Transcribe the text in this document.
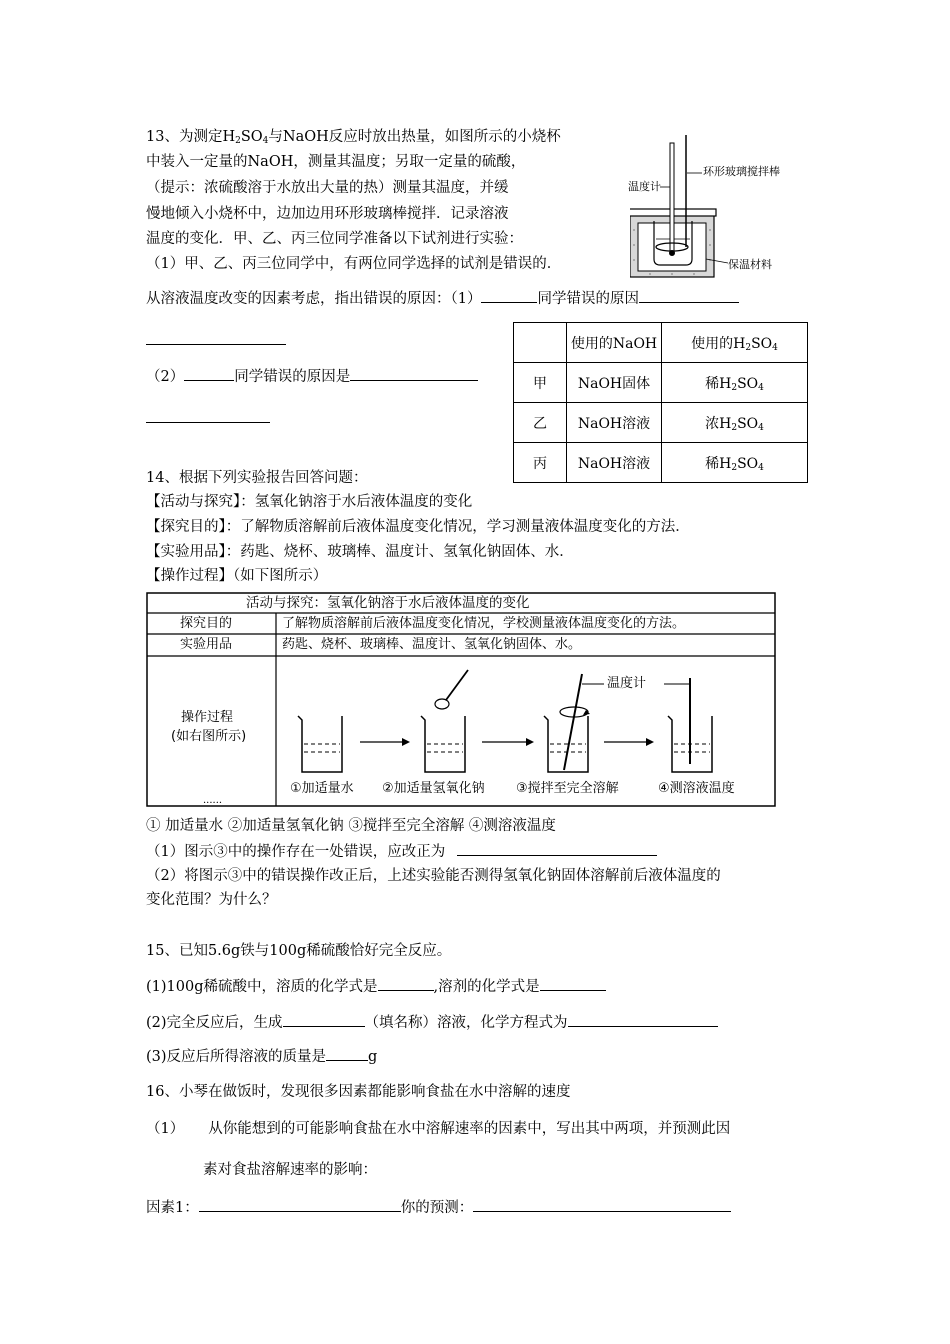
13、为测定$H_2SO_4$与NaOH反应时放出热量，如图所示的小烧杯
中装入一定量的NaOH，测量其温度；另取一定量的硫酸，
（提示：浓硫酸溶于水放出大量的热）测量其温度，并缓
慢地倾入小烧杯中，边加边用环形玻璃棒搅拌．记录溶液
温度的变化．甲、乙、丙三位同学准备以下试剂进行实验：
（1）甲、乙、丙三位同学中，有两位同学选择的试剂是错误的．
环形玻璃搅拌棒
温度计
保温材料
从溶液温度改变的因素考虑，指出错误的原因：（1）	同学错误的原因
（2）	同学错误的原因是
	使用的NaOH	使用的$H_2SO_4$
甲	NaOH固体	稀$H_2SO_4$
乙	NaOH溶液	浓$H_2SO_4$
丙	NaOH溶液	稀$H_2SO_4$
14、根据下列实验报告回答问题：
【活动与探究】：氢氧化钠溶于水后液体温度的变化
【探究目的】：了解物质溶解前后液体温度变化情况，学习测量液体温度变化的方法．
【实验用品】：药匙、烧杯、玻璃棒、温度计、氢氧化钠固体、水．
【操作过程】（如下图所示）
活动与探究：氢氧化钠溶于水后液体温度的变化
探究目的	了解物质溶解前后液体温度变化情况，学校测量液体温度变化的方法。
实验用品	药匙、烧杯、玻璃棒、温度计、氢氧化钠固体、水。
操作过程
(如右图所示)
温度计
①加适量水 ②加适量氢氧化钠 ③搅拌至完全溶解	④测溶液温度
······
① 加适量水 ②加适量氢氧化钠 ③搅拌至完全溶解 ④测溶液温度
（1）图示③中的操作存在一处错误，应改正为
（2）将图示③中的错误操作改正后，上述实验能否测得氢氧化钠固体溶解前后液体温度的
变化范围？为什么？
15、已知5.6g铁与100g稀硫酸恰好完全反应。
(1)100g稀硫酸中，溶质的化学式是	,溶剂的化学式是
(2)完全反应后，生成	（填名称）溶液，化学方程式为
(3)反应后所得溶液的质量是	g
16、小琴在做饭时，发现很多因素都能影响食盐在水中溶解的速度
（1） 从你能想到的可能影响食盐在水中溶解速率的因素中，写出其中两项，并预测此因
素对食盐溶解速率的影响：
因素1：	你的预测：
